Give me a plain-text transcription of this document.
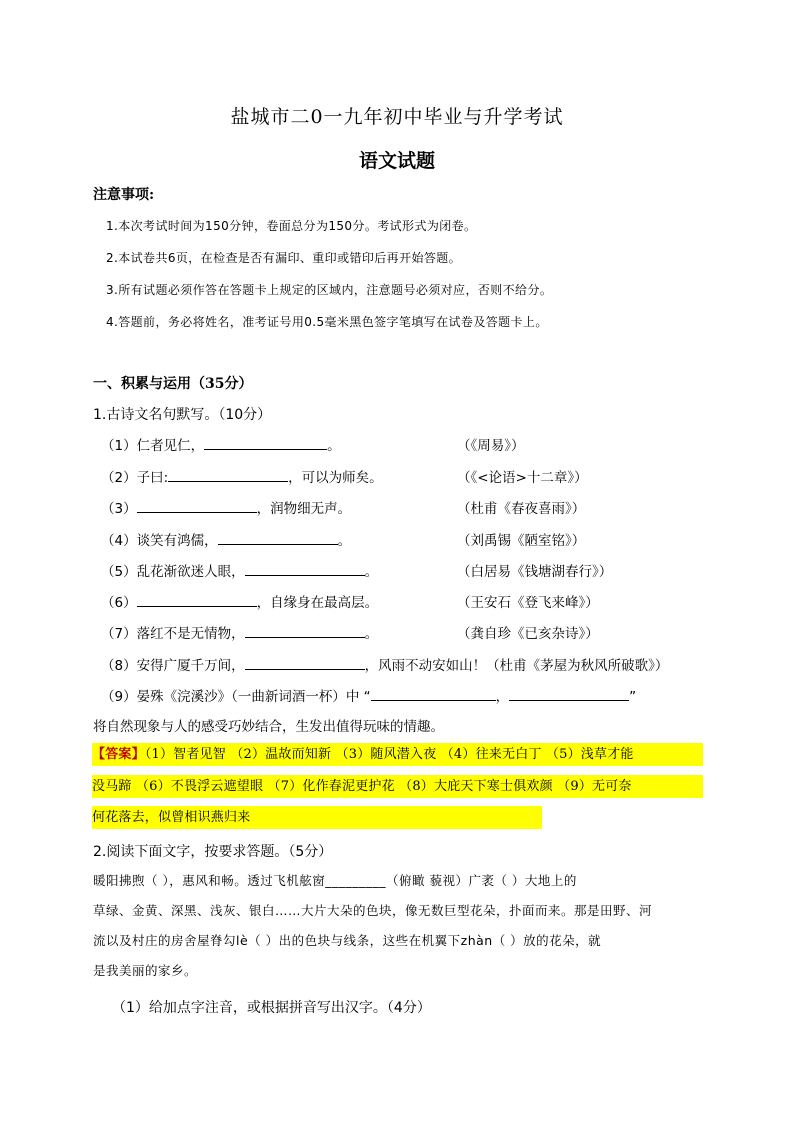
盐城市二0一九年初中毕业与升学考试
语文试题
注意事项:
1.本次考试时间为150分钟，卷面总分为150分。考试形式为闭卷。
2.本试卷共6页，在检查是否有漏印、重印或错印后再开始答题。
3.所有试题必须作答在答题卡上规定的区域内，注意题号必须对应，否则不给分。
4.答题前，务必将姓名，准考证号用0.5毫米黑色签字笔填写在试卷及答题卡上。
一、积累与运用（35分）
1.古诗文名句默写。（10分）
（1）仁者见仁，	。	（《周易》）
（2）子曰:	，可以为师矣。	（《<论语>十二章》）
（3）	，润物细无声。	（杜甫《春夜喜雨》）
（4）谈笑有鸿儒，	。	（刘禹锡《陋室铭》）
（5）乱花渐欲迷人眼，	。	（白居易《钱塘湖春行》）
（6）	，自缘身在最高层。	（王安石《登飞来峰》）
（7）落红不是无情物，	。	（龚自珍《已亥杂诗》）
（8）安得广厦千万间，	，风雨不动安如山！（杜甫《茅屋为秋风所破歌》）
（9）晏殊《浣溪沙》（一曲新词酒一杯）中 “	，	”
将自然现象与人的感受巧妙结合，生发出值得玩味的情趣。
【答案】（1）智者见智 （2）温故而知新 （3）随风潜入夜 （4）往来无白丁 （5）浅草才能
没马蹄 （6）不畏浮云遮望眼 （7）化作春泥更护花 （8）大庇天下寒士俱欢颜 （9）无可奈
何花落去，似曾相识燕归来
2.阅读下面文字，按要求答题。（5分）
暖阳拂煦（ ），惠风和畅。透过飞机舷窗_________（俯瞰 藐视）广袤（ ）大地上的
草绿、金黄、深黑、浅灰、银白……大片大朵的色块，像无数巨型花朵，扑面而来。那是田野、河
流以及村庄的房舍屋脊勾lè（ ）出的色块与线条，这些在机翼下zhàn（ ）放的花朵，就
是我美丽的家乡。
（1）给加点字注音，或根据拼音写出汉字。（4分）
